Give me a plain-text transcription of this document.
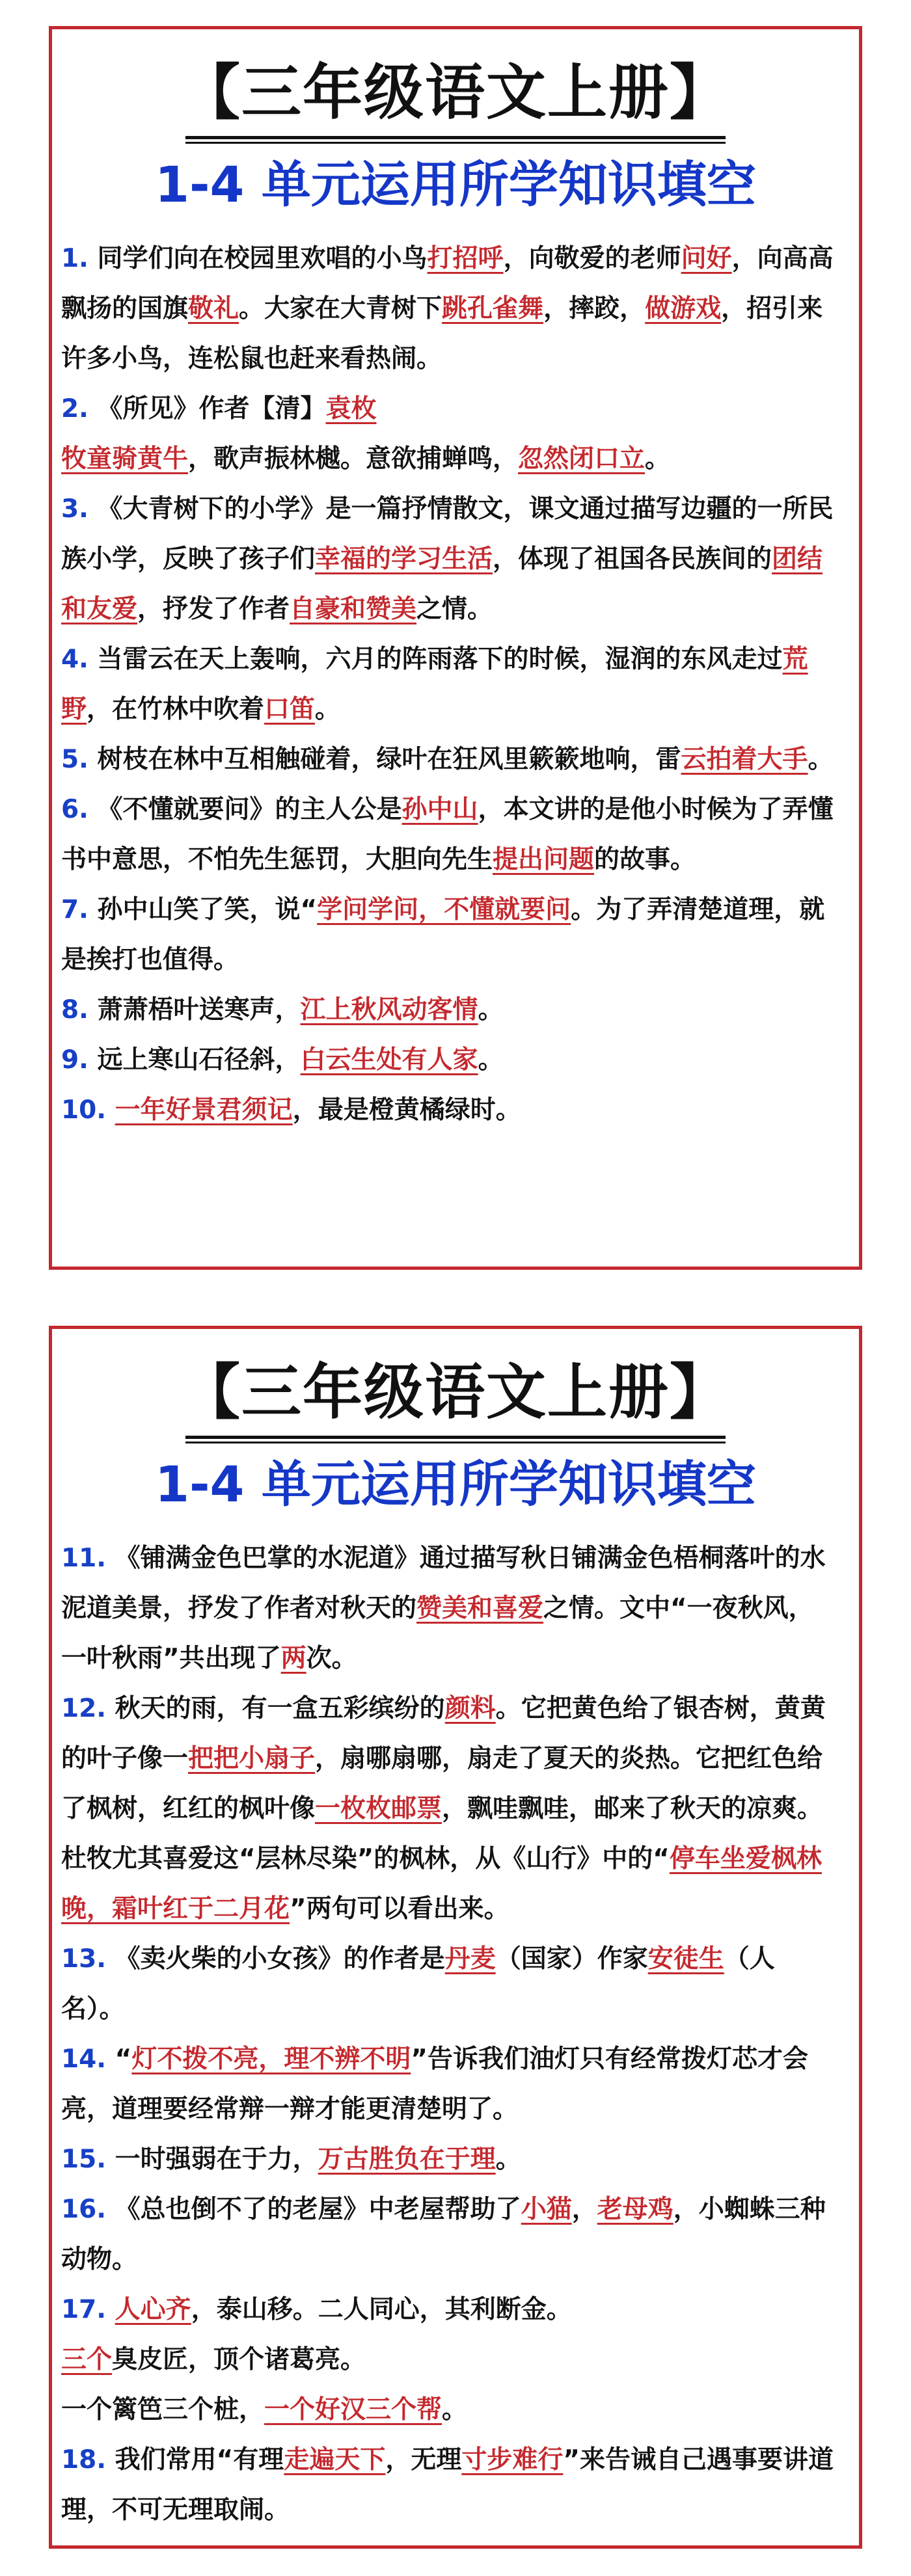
【三年级语文上册】
1-4 单元运用所学知识填空

1. 同学们向在校园里欢唱的小鸟打招呼，向敬爱的老师问好，向高高飘扬的国旗敬礼。大家在大青树下跳孔雀舞，摔跤，做游戏，招引来许多小鸟，连松鼠也赶来看热闹。

2. 《所见》作者【清】袁枚

牧童骑黄牛，歌声振林樾。意欲捕蝉鸣，忽然闭口立。

3. 《大青树下的小学》是一篇抒情散文，课文通过描写边疆的一所民族小学，反映了孩子们幸福的学习生活，体现了祖国各民族间的团结和友爱，抒发了作者自豪和赞美之情。

4. 当雷云在天上轰响，六月的阵雨落下的时候，湿润的东风走过荒野，在竹林中吹着口笛。

5. 树枝在林中互相触碰着，绿叶在狂风里簌簌地响，雷云拍着大手。

6. 《不懂就要问》的主人公是孙中山，本文讲的是他小时候为了弄懂书中意思，不怕先生惩罚，大胆向先生提出问题的故事。

7. 孙中山笑了笑，说“学问学问，不懂就要问。为了弄清楚道理，就是挨打也值得。

8. 萧萧梧叶送寒声，江上秋风动客情。

9. 远上寒山石径斜，白云生处有人家。

10. 一年好景君须记，最是橙黄橘绿时。

【三年级语文上册】
1-4 单元运用所学知识填空

11. 《铺满金色巴掌的水泥道》通过描写秋日铺满金色梧桐落叶的水泥道美景，抒发了作者对秋天的赞美和喜爱之情。文中“一夜秋风，一叶秋雨”共出现了两次。

12. 秋天的雨，有一盒五彩缤纷的颜料。它把黄色给了银杏树，黄黄的叶子像一把把小扇子，扇哪扇哪，扇走了夏天的炎热。它把红色给了枫树，红红的枫叶像一枚枚邮票，飘哇飘哇，邮来了秋天的凉爽。杜牧尤其喜爱这“层林尽染”的枫林，从《山行》中的“停车坐爱枫林晚，霜叶红于二月花”两句可以看出来。

13. 《卖火柴的小女孩》的作者是丹麦（国家）作家安徒生（人名）。

14. “灯不拨不亮，理不辨不明”告诉我们油灯只有经常拨灯芯才会亮，道理要经常辩一辩才能更清楚明了。

15. 一时强弱在于力，万古胜负在于理。

16. 《总也倒不了的老屋》中老屋帮助了小猫，老母鸡，小蜘蛛三种动物。

17. 人心齐，泰山移。二人同心，其利断金。

三个臭皮匠，顶个诸葛亮。

一个篱笆三个桩，一个好汉三个帮。

18. 我们常用“有理走遍天下，无理寸步难行”来告诫自己遇事要讲道理，不可无理取闹。
